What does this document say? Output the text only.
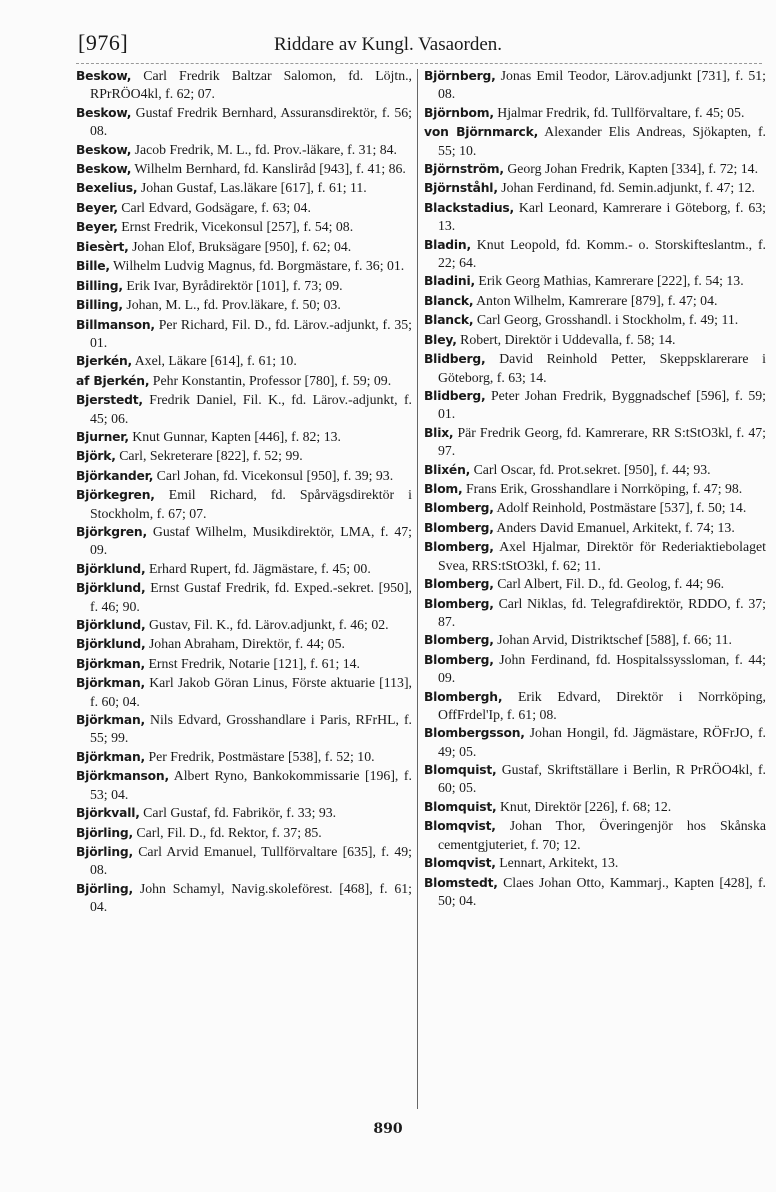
[976]	Riddare av Kungl. Vasaorden.
Beskow, Carl Fredrik Baltzar Salomon, fd. Löjtn., RPrRÖO4kl, f. 62; 07.
Beskow, Gustaf Fredrik Bernhard, Assuransdirektör, f. 56; 08.
Beskow, Jacob Fredrik, M. L., fd. Prov.-läkare, f. 31; 84.
Beskow, Wilhelm Bernhard, fd. Kansliråd [943], f. 41; 86.
Bexelius, Johan Gustaf, Las.läkare [617], f. 61; 11.
Beyer, Carl Edvard, Godsägare, f. 63; 04.
Beyer, Ernst Fredrik, Vicekonsul [257], f. 54; 08.
Biesèrt, Johan Elof, Bruksägare [950], f. 62; 04.
Bille, Wilhelm Ludvig Magnus, fd. Borgmästare, f. 36; 01.
Billing, Erik Ivar, Byrådirektör [101], f. 73; 09.
Billing, Johan, M. L., fd. Prov.läkare, f. 50; 03.
Billmanson, Per Richard, Fil. D., fd. Lärov.-adjunkt, f. 35; 01.
Bjerkén, Axel, Läkare [614], f. 61; 10.
af Bjerkén, Pehr Konstantin, Professor [780], f. 59; 09.
Bjerstedt, Fredrik Daniel, Fil. K., fd. Lärov.-adjunkt, f. 45; 06.
Bjurner, Knut Gunnar, Kapten [446], f. 82; 13.
Björk, Carl, Sekreterare [822], f. 52; 99.
Björkander, Carl Johan, fd. Vicekonsul [950], f. 39; 93.
Björkegren, Emil Richard, fd. Spårvägsdirektör i Stockholm, f. 67; 07.
Björkgren, Gustaf Wilhelm, Musikdirektör, LMA, f. 47; 09.
Björklund, Erhard Rupert, fd. Jägmästare, f. 45; 00.
Björklund, Ernst Gustaf Fredrik, fd. Exped.-sekret. [950], f. 46; 90.
Björklund, Gustav, Fil. K., fd. Lärov.adjunkt, f. 46; 02.
Björklund, Johan Abraham, Direktör, f. 44; 05.
Björkman, Ernst Fredrik, Notarie [121], f. 61; 14.
Björkman, Karl Jakob Göran Linus, Förste aktuarie [113], f. 60; 04.
Björkman, Nils Edvard, Grosshandlare i Paris, RFrHL, f. 55; 99.
Björkman, Per Fredrik, Postmästare [538], f. 52; 10.
Björkmanson, Albert Ryno, Bankokommissarie [196], f. 53; 04.
Björkvall, Carl Gustaf, fd. Fabrikör, f. 33; 93.
Björling, Carl, Fil. D., fd. Rektor, f. 37; 85.
Björling, Carl Arvid Emanuel, Tullförvaltare [635], f. 49; 08.
Björling, John Schamyl, Navig.skoleförest. [468], f. 61; 04.
Björnberg, Jonas Emil Teodor, Lärov.adjunkt [731], f. 51; 08.
Björnbom, Hjalmar Fredrik, fd. Tullförvaltare, f. 45; 05.
von Björnmarck, Alexander Elis Andreas, Sjökapten, f. 55; 10.
Björnström, Georg Johan Fredrik, Kapten [334], f. 72; 14.
Björnståhl, Johan Ferdinand, fd. Semin.adjunkt, f. 47; 12.
Blackstadius, Karl Leonard, Kamrerare i Göteborg, f. 63; 13.
Bladin, Knut Leopold, fd. Komm.- o. Storskifteslantm., f. 22; 64.
Bladini, Erik Georg Mathias, Kamrerare [222], f. 54; 13.
Blanck, Anton Wilhelm, Kamrerare [879], f. 47; 04.
Blanck, Carl Georg, Grosshandl. i Stockholm, f. 49; 11.
Bley, Robert, Direktör i Uddevalla, f. 58; 14.
Blidberg, David Reinhold Petter, Skeppsklarerare i Göteborg, f. 63; 14.
Blidberg, Peter Johan Fredrik, Byggnadschef [596], f. 59; 01.
Blix, Pär Fredrik Georg, fd. Kamrerare, RR S:tStO3kl, f. 47; 97.
Blixén, Carl Oscar, fd. Prot.sekret. [950], f. 44; 93.
Blom, Frans Erik, Grosshandlare i Norrköping, f. 47; 98.
Blomberg, Adolf Reinhold, Postmästare [537], f. 50; 14.
Blomberg, Anders David Emanuel, Arkitekt, f. 74; 13.
Blomberg, Axel Hjalmar, Direktör för Rederiaktiebolaget Svea, RRS:tStO3kl, f. 62; 11.
Blomberg, Carl Albert, Fil. D., fd. Geolog, f. 44; 96.
Blomberg, Carl Niklas, fd. Telegrafdirektör, RDDO, f. 37; 87.
Blomberg, Johan Arvid, Distriktschef [588], f. 66; 11.
Blomberg, John Ferdinand, fd. Hospitalssyssloman, f. 44; 09.
Blombergh, Erik Edvard, Direktör i Norrköping, OffFrdel'Ip, f. 61; 08.
Blombergsson, Johan Hongil, fd. Jägmästare, RÖFrJO, f. 49; 05.
Blomquist, Gustaf, Skriftställare i Berlin, R PrRÖO4kl, f. 60; 05.
Blomquist, Knut, Direktör [226], f. 68; 12.
Blomqvist, Johan Thor, Överingenjör hos Skånska cementgjuteriet, f. 70; 12.
Blomqvist, Lennart, Arkitekt, 13.
Blomstedt, Claes Johan Otto, Kammarj., Kapten [428], f. 50; 04.
890
